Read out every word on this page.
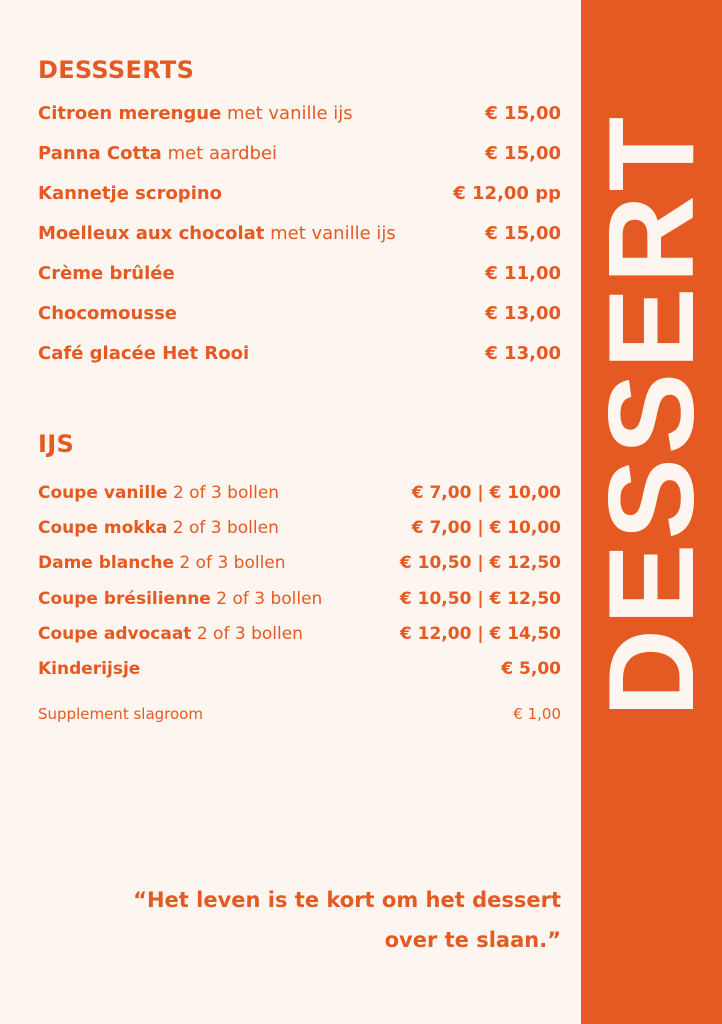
DESSERT
DESSSERTS
Citroen merengue met vanille ijs	€ 15,00
Panna Cotta met aardbei	€ 15,00
Kannetje scropino	€ 12,00 pp
Moelleux aux chocolat met vanille ijs	€ 15,00
Crème brûlée	€ 11,00
Chocomousse	€ 13,00
Café glacée Het Rooi	€ 13,00
IJS
Coupe vanille 2 of 3 bollen	€ 7,00 | € 10,00
Coupe mokka 2 of 3 bollen	€ 7,00 | € 10,00
Dame blanche 2 of 3 bollen	€ 10,50 | € 12,50
Coupe brésilienne 2 of 3 bollen	€ 10,50 | € 12,50
Coupe advocaat 2 of 3 bollen	€ 12,00 | € 14,50
Kinderijsje	€ 5,00
Supplement slagroom	€ 1,00
“Het leven is te kort om het dessert
over te slaan.”
